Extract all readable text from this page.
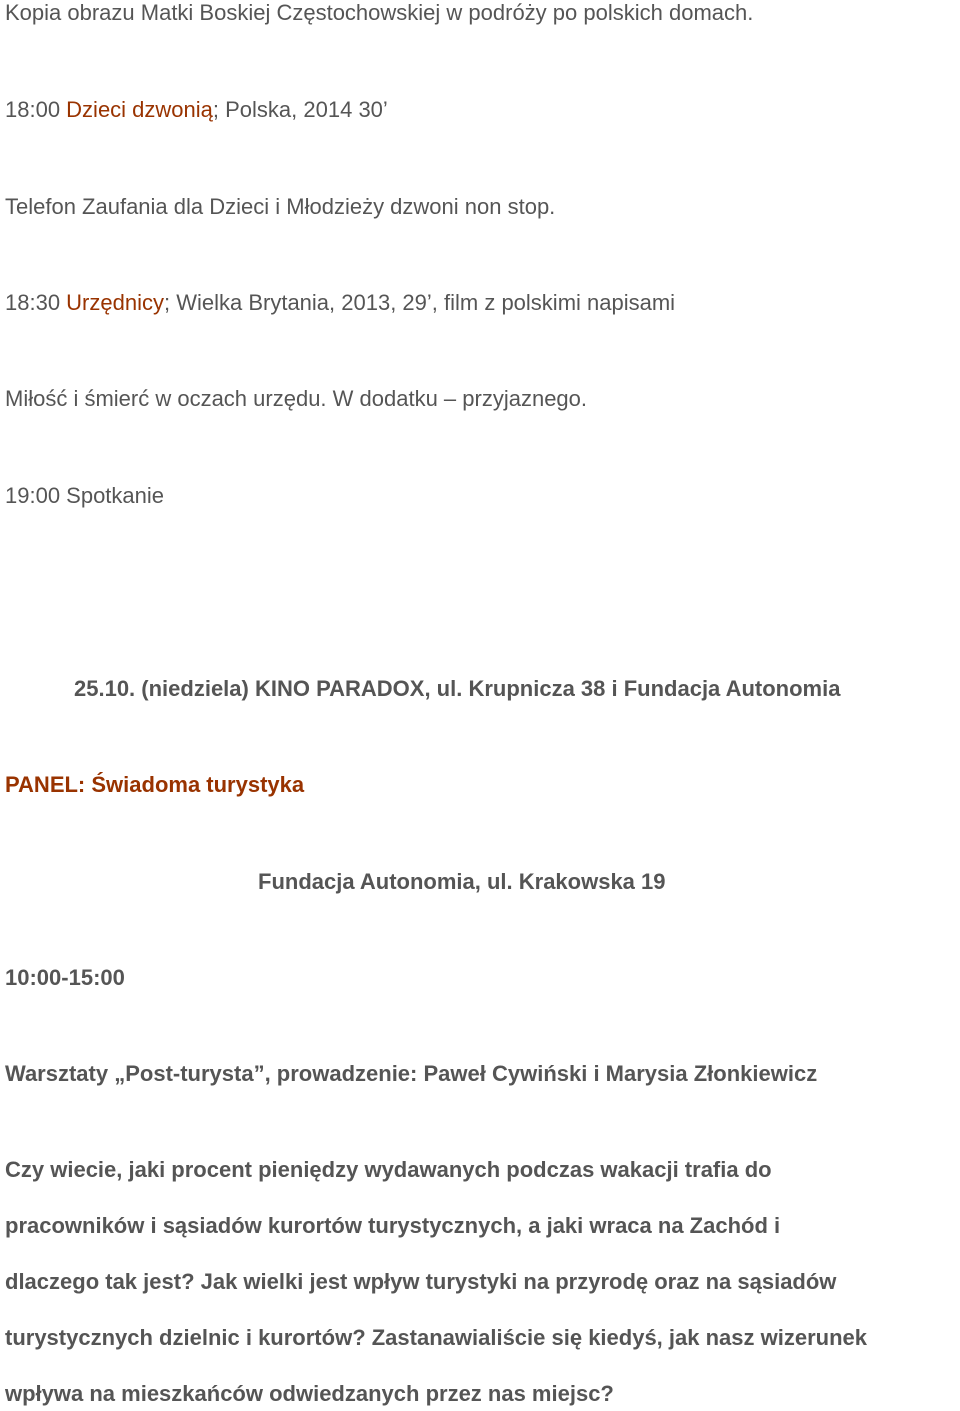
Kopia obrazu Matki Boskiej Częstochowskiej w podróży po polskich domach.
18:00 Dzieci dzwonią; Polska, 2014 30’
Telefon Zaufania dla Dzieci i Młodzieży dzwoni non stop.
18:30 Urzędnicy; Wielka Brytania, 2013, 29’, film z polskimi napisami
Miłość i śmierć w oczach urzędu. W dodatku – przyjaznego.
19:00 Spotkanie
25.10. (niedziela) KINO PARADOX, ul. Krupnicza 38 i Fundacja Autonomia
PANEL: Świadoma turystyka
Fundacja Autonomia, ul. Krakowska 19
10:00-15:00
Warsztaty „Post-turysta”, prowadzenie: Paweł Cywiński i Marysia Złonkiewicz
Czy wiecie, jaki procent pieniędzy wydawanych podczas wakacji trafia do
pracowników i sąsiadów kurortów turystycznych, a jaki wraca na Zachód i
dlaczego tak jest? Jak wielki jest wpływ turystyki na przyrodę oraz na sąsiadów
turystycznych dzielnic i kurortów? Zastanawialiście się kiedyś, jak nasz wizerunek
wpływa na mieszkańców odwiedzanych przez nas miejsc?
